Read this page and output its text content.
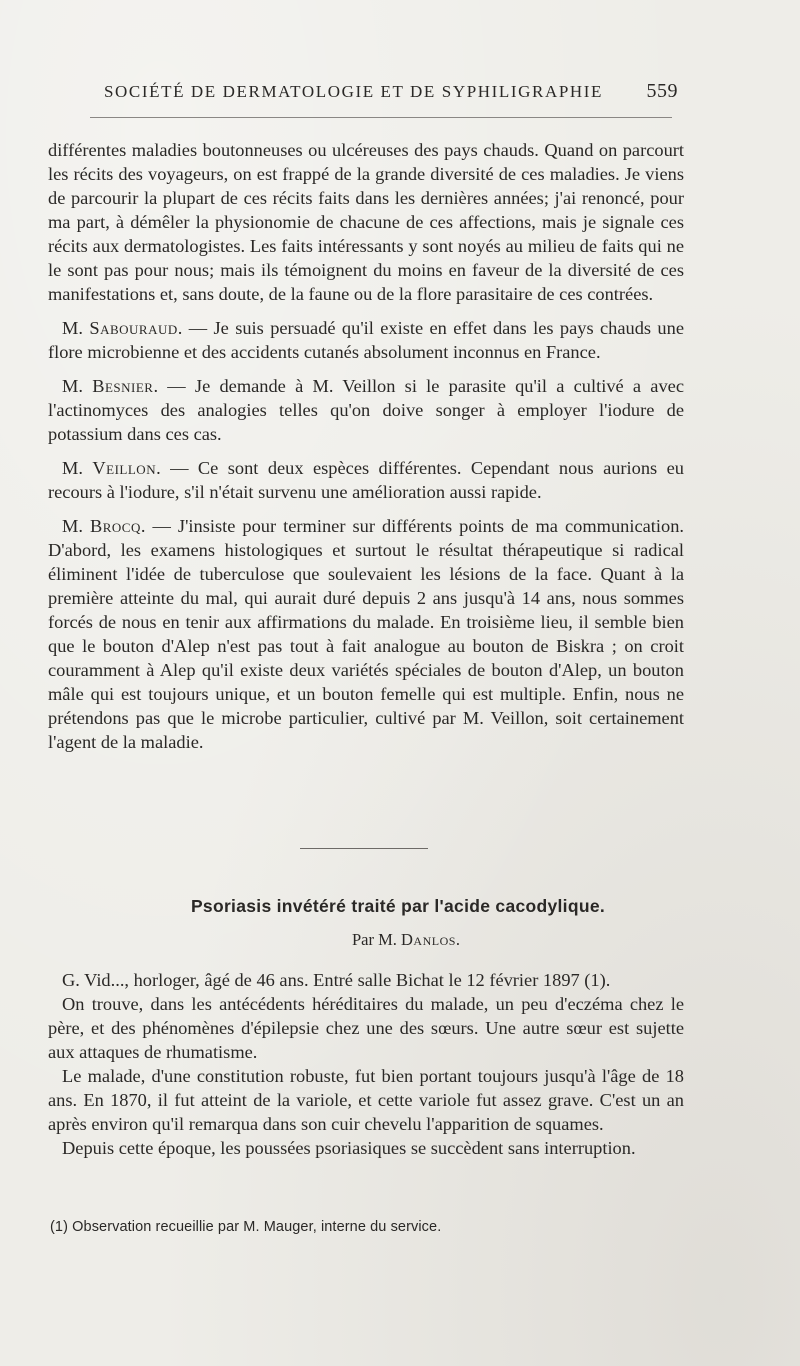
SOCIÉTÉ DE DERMATOLOGIE ET DE SYPHILIGRAPHIE 559

différentes maladies boutonneuses ou ulcéreuses des pays chauds. Quand on parcourt les récits des voyageurs, on est frappé de la grande diversité de ces maladies. Je viens de parcourir la plupart de ces récits faits dans les dernières années; j'ai renoncé, pour ma part, à démêler la physionomie de chacune de ces affections, mais je signale ces récits aux dermatologistes. Les faits intéressants y sont noyés au milieu de faits qui ne le sont pas pour nous; mais ils témoignent du moins en faveur de la diversité de ces manifestations et, sans doute, de la faune ou de la flore parasitaire de ces contrées.

M. Sabouraud. — Je suis persuadé qu'il existe en effet dans les pays chauds une flore microbienne et des accidents cutanés absolument inconnus en France.

M. Besnier. — Je demande à M. Veillon si le parasite qu'il a cultivé a avec l'actinomyces des analogies telles qu'on doive songer à employer l'iodure de potassium dans ces cas.

M. Veillon. — Ce sont deux espèces différentes. Cependant nous aurions eu recours à l'iodure, s'il n'était survenu une amélioration aussi rapide.

M. Brocq. — J'insiste pour terminer sur différents points de ma communication. D'abord, les examens histologiques et surtout le résultat thérapeutique si radical éliminent l'idée de tuberculose que soulevaient les lésions de la face. Quant à la première atteinte du mal, qui aurait duré depuis 2 ans jusqu'à 14 ans, nous sommes forcés de nous en tenir aux affirmations du malade. En troisième lieu, il semble bien que le bouton d'Alep n'est pas tout à fait analogue au bouton de Biskra ; on croit couramment à Alep qu'il existe deux variétés spéciales de bouton d'Alep, un bouton mâle qui est toujours unique, et un bouton femelle qui est multiple. Enfin, nous ne prétendons pas que le microbe particulier, cultivé par M. Veillon, soit certainement l'agent de la maladie.

Psoriasis invétéré traité par l'acide cacodylique.
Par M. Danlos.

G. Vid..., horloger, âgé de 46 ans. Entré salle Bichat le 12 février 1897 (1).

On trouve, dans les antécédents héréditaires du malade, un peu d'eczéma chez le père, et des phénomènes d'épilepsie chez une des sœurs. Une autre sœur est sujette aux attaques de rhumatisme.

Le malade, d'une constitution robuste, fut bien portant toujours jusqu'à l'âge de 18 ans. En 1870, il fut atteint de la variole, et cette variole fut assez grave. C'est un an après environ qu'il remarqua dans son cuir chevelu l'apparition de squames.

Depuis cette époque, les poussées psoriasiques se succèdent sans interruption.

(1) Observation recueillie par M. Mauger, interne du service.
